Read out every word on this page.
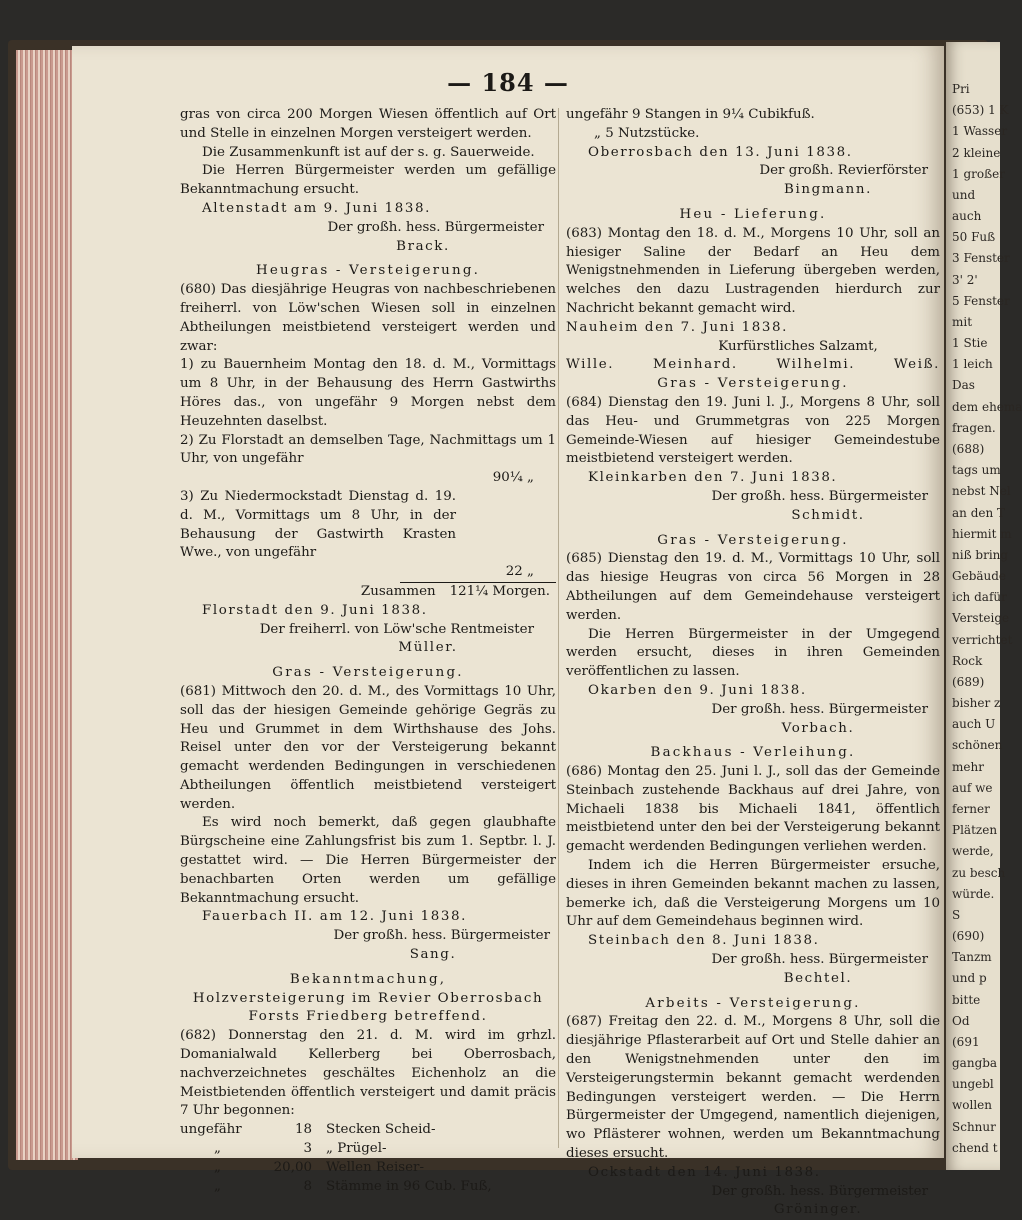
— 184 —

gras von circa 200 Morgen Wiesen öffentlich auf Ort und Stelle in einzelnen Morgen versteigert werden.

Die Zusammenkunft ist auf der s. g. Sauerweide.

Die Herren Bürgermeister werden um gefällige Bekanntmachung ersucht.

Altenstadt am 9. Juni 1838.

Der großh. hess. Bürgermeister

Brack.

Heugras - Versteigerung.

(680) Das diesjährige Heugras von nachbeschriebenen freiherrl. von Löw'schen Wiesen soll in einzelnen Abtheilungen meistbietend versteigert werden und zwar:

1) zu Bauernheim Montag den 18. d. M., Vormittags um 8 Uhr, in der Behausung des Herrn Gastwirths Höres das., von ungefähr 9 Morgen nebst dem Heuzehnten daselbst.

2) Zu Florstadt an demselben Tage, Nachmittags um 1 Uhr, von ungefähr

90¼ „

3) Zu Niedermockstadt Dienstag d. 19. d. M., Vormittags um 8 Uhr, in der Behausung der Gastwirth Krasten Wwe., von ungefähr

22 „

Zusammen 121¼ Morgen.

Florstadt den 9. Juni 1838.

Der freiherrl. von Löw'sche Rentmeister

Müller.

Gras - Versteigerung.

(681) Mittwoch den 20. d. M., des Vormittags 10 Uhr, soll das der hiesigen Gemeinde gehörige Gegräs zu Heu und Grummet in dem Wirthshause des Johs. Reisel unter den vor der Versteigerung bekannt gemacht werdenden Bedingungen in verschiedenen Abtheilungen öffentlich meistbietend versteigert werden.

Es wird noch bemerkt, daß gegen glaubhafte Bürgscheine eine Zahlungsfrist bis zum 1. Septbr. l. J. gestattet wird. — Die Herren Bürgermeister der benachbarten Orten werden um gefällige Bekanntmachung ersucht.

Fauerbach II. am 12. Juni 1838.

Der großh. hess. Bürgermeister

Sang.

Bekanntmachung,

Holzversteigerung im Revier Oberrosbach Forsts Friedberg betreffend.

(682) Donnerstag den 21. d. M. wird im grhzl. Domanialwald Kellerberg bei Oberrosbach, nachverzeichnetes geschältes Eichenholz an die Meistbietenden öffentlich versteigert und damit präcis 7 Uhr begonnen:

ungefähr	18	Stecken Scheid-
„	3	„ Prügel-
„	20,00	Wellen Reiser-
„	8	Stämme in 96 Cub. Fuß,

ungefähr 9 Stangen in 9¼ Cubikfuß.

„ 5 Nutzstücke.

Oberrosbach den 13. Juni 1838.

Der großh. Revierförster

Bingmann.

Heu - Lieferung.

(683) Montag den 18. d. M., Morgens 10 Uhr, soll an hiesiger Saline der Bedarf an Heu dem Wenigstnehmenden in Lieferung übergeben werden, welches den dazu Lustragenden hierdurch zur Nachricht bekannt gemacht wird.

Nauheim den 7. Juni 1838.

Kurfürstliches Salzamt,

Wille. Meinhard. Wilhelmi. Weiß.

Gras - Versteigerung.

(684) Dienstag den 19. Juni l. J., Morgens 8 Uhr, soll das Heu- und Grummetgras von 225 Morgen Gemeinde-Wiesen auf hiesiger Gemeindestube meistbietend versteigert werden.

Kleinkarben den 7. Juni 1838.

Der großh. hess. Bürgermeister

Schmidt.

Gras - Versteigerung.

(685) Dienstag den 19. d. M., Vormittags 10 Uhr, soll das hiesige Heugras von circa 56 Morgen in 28 Abtheilungen auf dem Gemeindehause versteigert werden.

Die Herren Bürgermeister in der Umgegend werden ersucht, dieses in ihren Gemeinden veröffentlichen zu lassen.

Okarben den 9. Juni 1838.

Der großh. hess. Bürgermeister

Vorbach.

Backhaus - Verleihung.

(686) Montag den 25. Juni l. J., soll das der Gemeinde Steinbach zustehende Backhaus auf drei Jahre, von Michaeli 1838 bis Michaeli 1841, öffentlich meistbietend unter den bei der Versteigerung bekannt gemacht werdenden Bedingungen verliehen werden.

Indem ich die Herren Bürgermeister ersuche, dieses in ihren Gemeinden bekannt machen zu lassen, bemerke ich, daß die Versteigerung Morgens um 10 Uhr auf dem Gemeindehaus beginnen wird.

Steinbach den 8. Juni 1838.

Der großh. hess. Bürgermeister

Bechtel.

Arbeits - Versteigerung.

(687) Freitag den 22. d. M., Morgens 8 Uhr, soll die diesjährige Pflasterarbeit auf Ort und Stelle dahier an den Wenigstnehmenden unter den im Versteigerungstermin bekannt gemacht werdenden Bedingungen versteigert werden. — Die Herrn Bürgermeister der Umgegend, namentlich diejenigen, wo Pflästerer wohnen, werden um Bekanntmachung dieses ersucht.

Ockstadt den 14. Juni 1838.

Der großh. hess. Bürgermeister

Gröninger.

Pri
(653) 1 K
1 Wasser
2 kleine
1 großer
und
auch
50 Fuß
3 Fenster
3' 2'
5 Fenster
mit
1 Stie
1 leich
Das
dem ehema
fragen.
(688)
tags um
nebst Nel
an den T
hiermit m
niß bring
Gebäude
ich dafür
Versteige
verrichtet
Rock
(689)
bisher z
auch U
schönen
mehr
auf we
ferner
Plätzen
werde,
zu besch
würde.
S
(690)
Tanzm
und p
bitte
Od
(691
gangba
ungebl
wollen
Schnur
chend t
